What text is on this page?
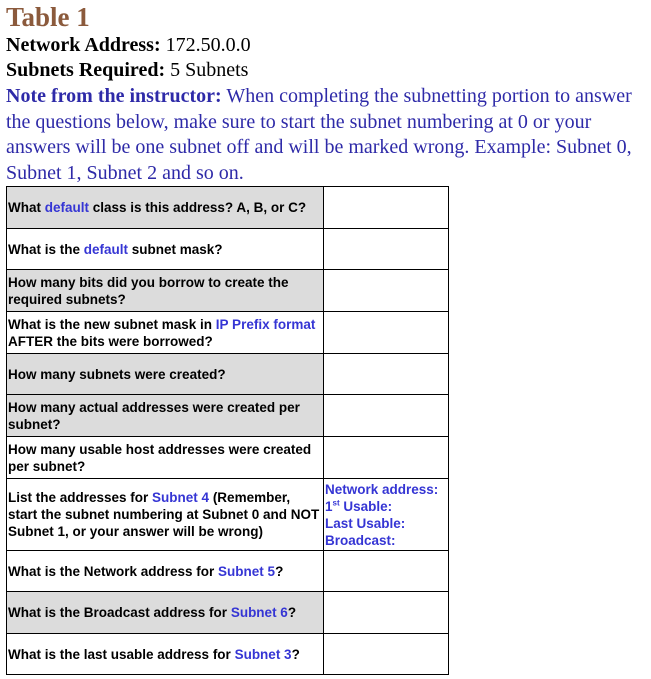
Table 1
Network Address: 172.50.0.0
Subnets Required: 5 Subnets
Note from the instructor: When completing the subnetting portion to answer the questions below, make sure to start the subnet numbering at 0 or your answers will be one subnet off and will be marked wrong. Example: Subnet 0, Subnet 1, Subnet 2 and so on.
What default class is this address? A, B, or C?	
What is the default subnet mask?	
How many bits did you borrow to create the required subnets?	
What is the new subnet mask in IP Prefix format AFTER the bits were borrowed?	
How many subnets were created?	
How many actual addresses were created per subnet?	
How many usable host addresses were created per subnet?	
List the addresses for Subnet 4 (Remember, start the subnet numbering at Subnet 0 and NOT Subnet 1, or your answer will be wrong)	Network address:
1st Usable:
Last Usable:
Broadcast:

What is the Network address for Subnet 5?	
What is the Broadcast address for Subnet 6?	
What is the last usable address for Subnet 3?	
